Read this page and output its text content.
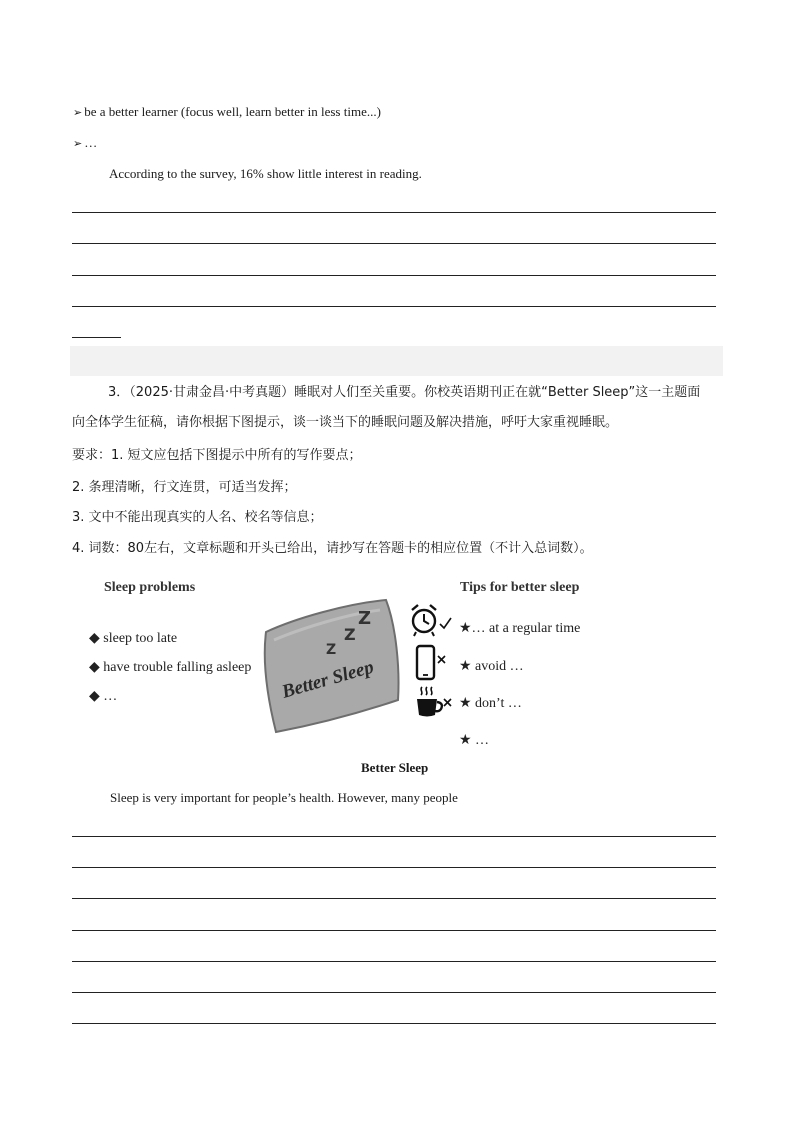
➢ be a better learner (focus well, learn better in less time...)
➢ …
According to the survey, 16% show little interest in reading.
3．（2025·甘肃金昌·中考真题）睡眠对人们至关重要。你校英语期刊正在就“Better Sleep”这一主题面
向全体学生征稿，请你根据下图提示，谈一谈当下的睡眠问题及解决措施，呼吁大家重视睡眠。
要求：1. 短文应包括下图提示中所有的写作要点；
2. 条理清晰，行文连贯，可适当发挥；
3. 文中不能出现真实的人名、校名等信息；
4. 词数：80左右，文章标题和开头已给出，请抄写在答题卡的相应位置（不计入总词数）。
Sleep problems
◆ sleep too late
◆ have trouble falling asleep
◆ …
Z
Z
Z
Better Sleep
Tips for better sleep
★… at a regular time
★ avoid …
★ don’t …
★ …
Better Sleep
Sleep is very important for people’s health. However, many people
